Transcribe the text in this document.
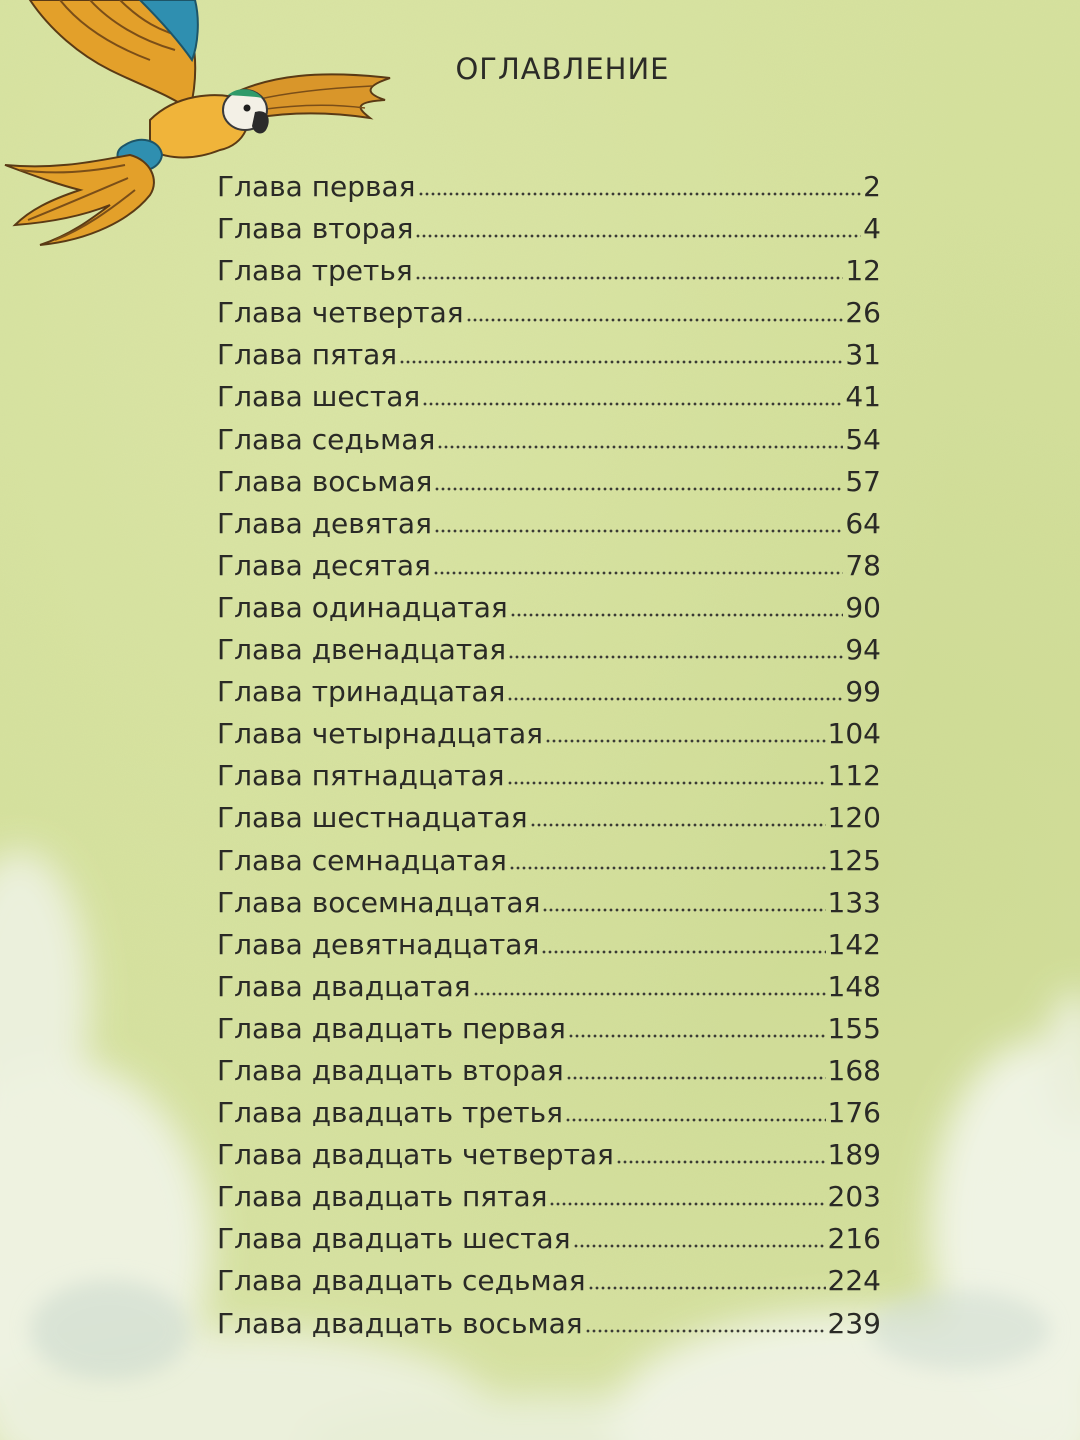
ОГЛАВЛЕНИЕ
Глава первая	2
Глава вторая	4
Глава третья	12
Глава четвертая	26
Глава пятая	31
Глава шестая	41
Глава седьмая	54
Глава восьмая	57
Глава девятая	64
Глава десятая	78
Глава одинадцатая	90
Глава двенадцатая	94
Глава тринадцатая	99
Глава четырнадцатая	104
Глава пятнадцатая	112
Глава шестнадцатая	120
Глава семнадцатая	125
Глава восемнадцатая	133
Глава девятнадцатая	142
Глава двадцатая	148
Глава двадцать первая	155
Глава двадцать вторая	168
Глава двадцать третья	176
Глава двадцать четвертая	189
Глава двадцать пятая	203
Глава двадцать шестая	216
Глава двадцать седьмая	224
Глава двадцать восьмая	239
